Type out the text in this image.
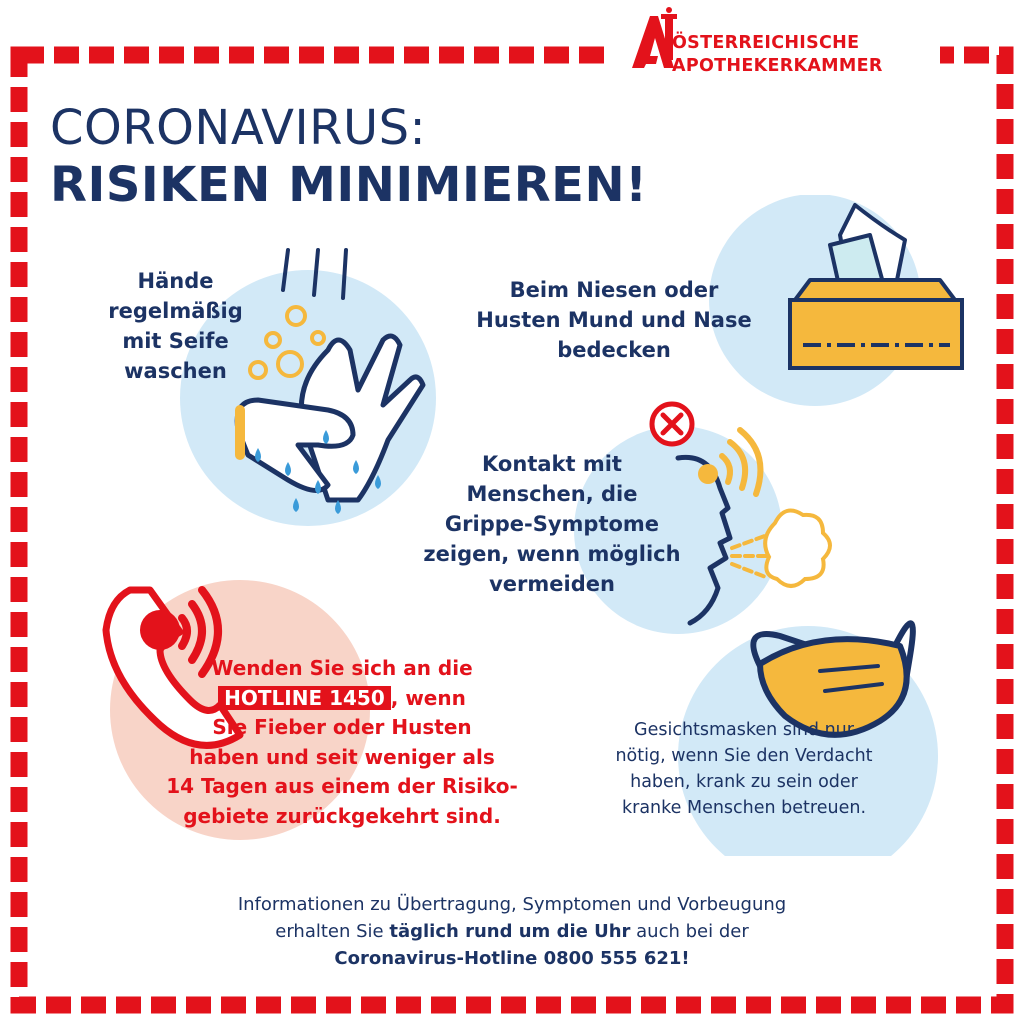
ÖSTERREICHISCHE
APOTHEKERKAMMER
CORONAVIRUS:
RISIKEN MINIMIEREN!
Hände
regelmäßig
mit Seife
waschen
Beim Niesen oder
Husten Mund und Nase
bedecken
Kontakt mit
Menschen, die
Grippe-Symptome
zeigen, wenn möglich
vermeiden
Wenden Sie sich an die
HOTLINE 1450 , wenn
Sie Fieber oder Husten
haben und seit weniger als
14 Tagen aus einem der Risiko-
gebiete zurückgekehrt sind.
Gesichtsmasken sind nur
nötig, wenn Sie den Verdacht
haben, krank zu sein oder
kranke Menschen betreuen.
Informationen zu Übertragung, Symptomen und Vorbeugung
erhalten Sie täglich rund um die Uhr auch bei der
Coronavirus-Hotline 0800 555 621!
